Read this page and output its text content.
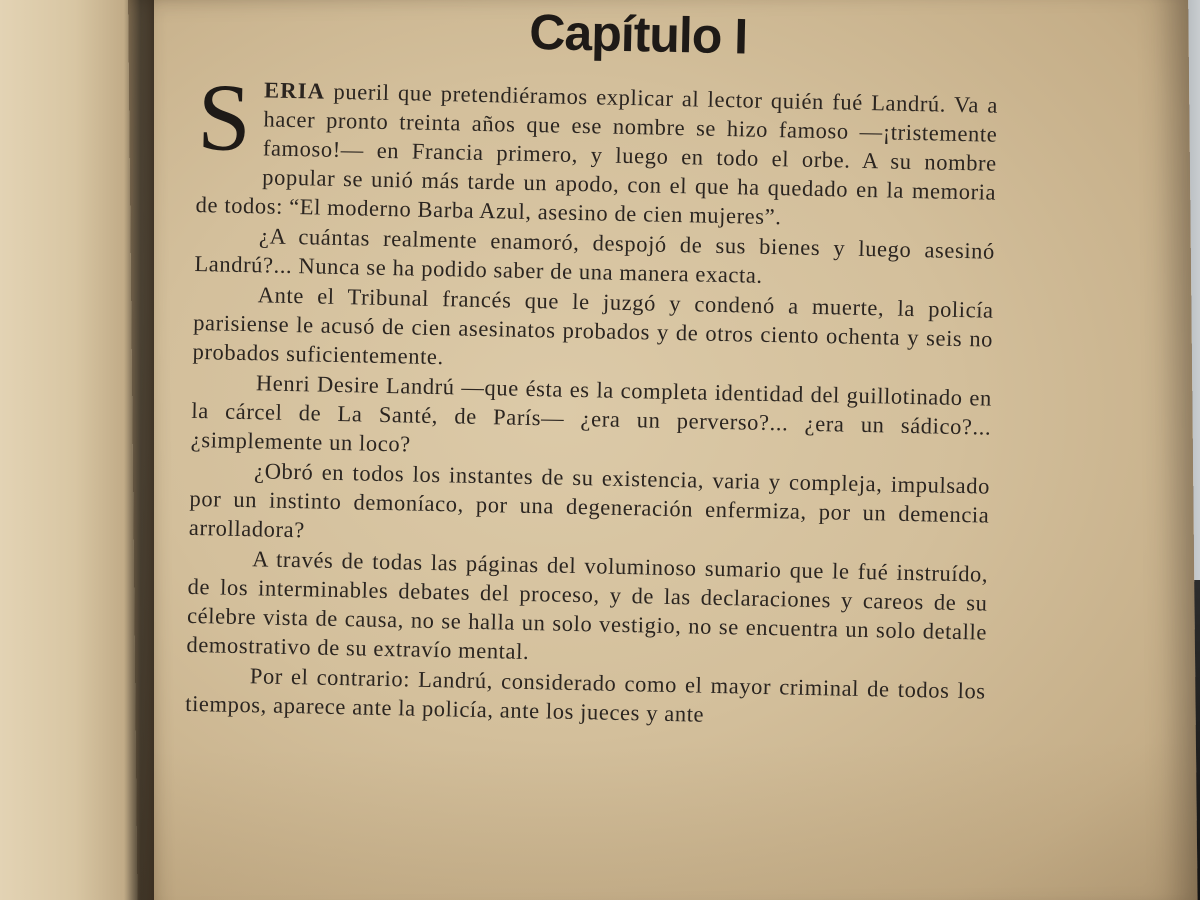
Capítulo I

SERIA pueril que pretendiéramos explicar al lector quién fué Landrú. Va a hacer pronto treinta años que ese nombre se hizo famoso —¡tristemente famoso!— en Francia primero, y luego en todo el orbe. A su nombre popular se unió más tarde un apodo, con el que ha quedado en la memoria de todos: “El moderno Barba Azul, asesino de cien mujeres”.

¿A cuántas realmente enamoró, despojó de sus bienes y luego asesinó Landrú?... Nunca se ha podido saber de una manera exacta.

Ante el Tribunal francés que le juzgó y condenó a muerte, la policía parisiense le acusó de cien asesinatos probados y de otros ciento ochenta y seis no probados suficientemente.

Henri Desire Landrú —que ésta es la completa identidad del guillotinado en la cárcel de La Santé, de París— ¿era un perverso?... ¿era un sádico?... ¿simplemente un loco?

¿Obró en todos los instantes de su existencia, varia y compleja, impulsado por un instinto demoníaco, por una degeneración enfermiza, por un demencia arrolladora?

A través de todas las páginas del voluminoso sumario que le fué instruído, de los interminables debates del proceso, y de las declaraciones y careos de su célebre vista de causa, no se halla un solo vestigio, no se encuentra un solo detalle demostrativo de su extravío mental.

Por el contrario: Landrú, considerado como el mayor criminal de todos los tiempos, aparece ante la policía, ante los jueces y ante
